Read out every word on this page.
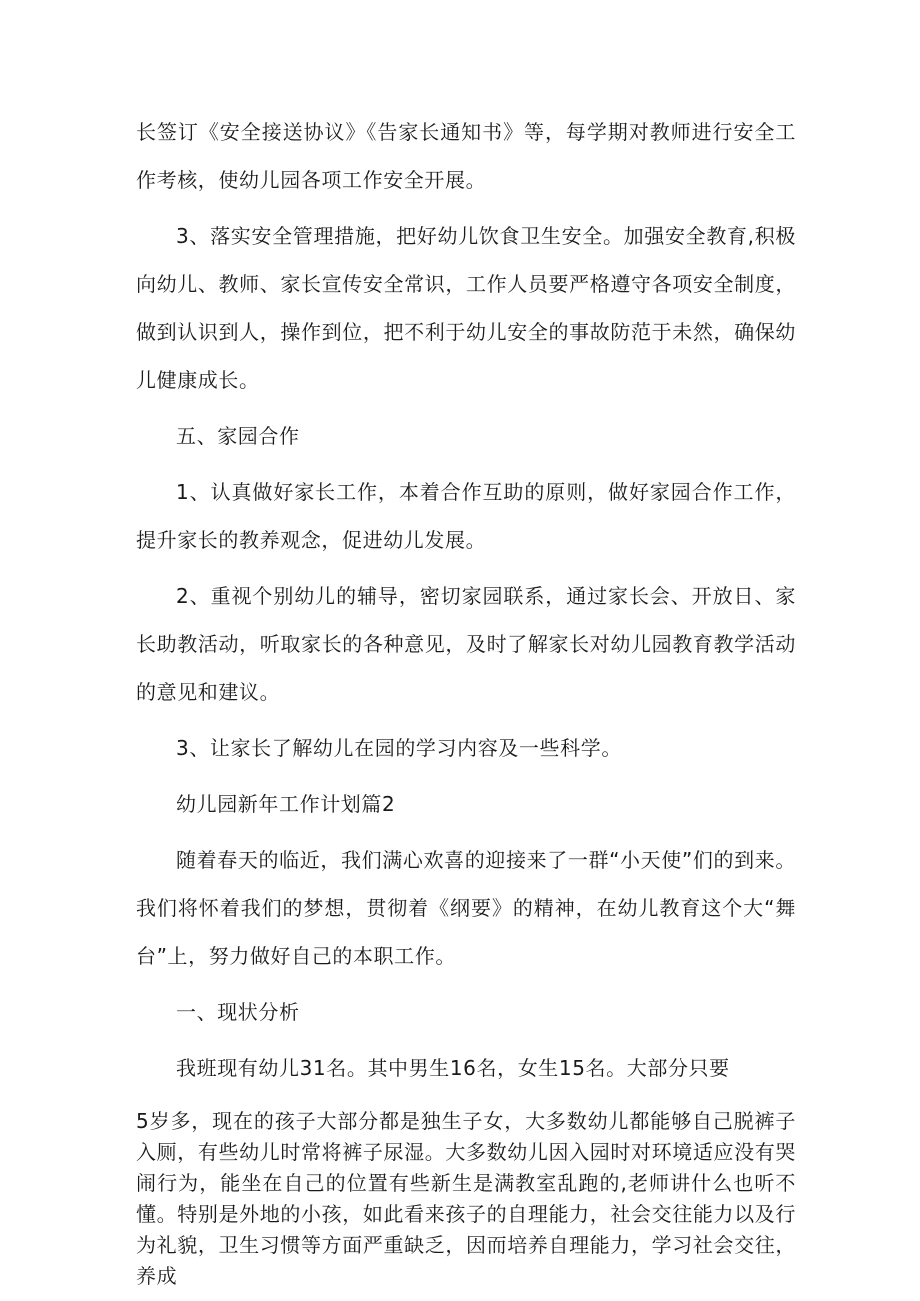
长签订《安全接送协议》《告家长通知书》等，每学期对教师进行安全工作考核，使幼儿园各项工作安全开展。

3、落实安全管理措施，把好幼儿饮食卫生安全。加强安全教育,积极向幼儿、教师、家长宣传安全常识，工作人员要严格遵守各项安全制度，做到认识到人，操作到位，把不利于幼儿安全的事故防范于未然，确保幼儿健康成长。

五、家园合作

1、认真做好家长工作，本着合作互助的原则，做好家园合作工作，提升家长的教养观念，促进幼儿发展。

2、重视个别幼儿的辅导，密切家园联系，通过家长会、开放日、家长助教活动，听取家长的各种意见，及时了解家长对幼儿园教育教学活动的意见和建议。

3、让家长了解幼儿在园的学习内容及一些科学。

幼儿园新年工作计划篇2

随着春天的临近，我们满心欢喜的迎接来了一群“小天使”们的到来。我们将怀着我们的梦想，贯彻着《纲要》的精神，在幼儿教育这个大“舞台”上，努力做好自己的本职工作。

一、现状分析

我班现有幼儿31名。其中男生16名，女生15名。大部分只要

5岁多，现在的孩子大部分都是独生子女，大多数幼儿都能够自己脱裤子入厕，有些幼儿时常将裤子尿湿。大多数幼儿因入园时对环境适应没有哭闹行为，能坐在自己的位置有些新生是满教室乱跑的,老师讲什么也听不懂。特别是外地的小孩，如此看来孩子的自理能力，社会交往能力以及行为礼貌，卫生习惯等方面严重缺乏，因而培养自理能力，学习社会交往，养成
